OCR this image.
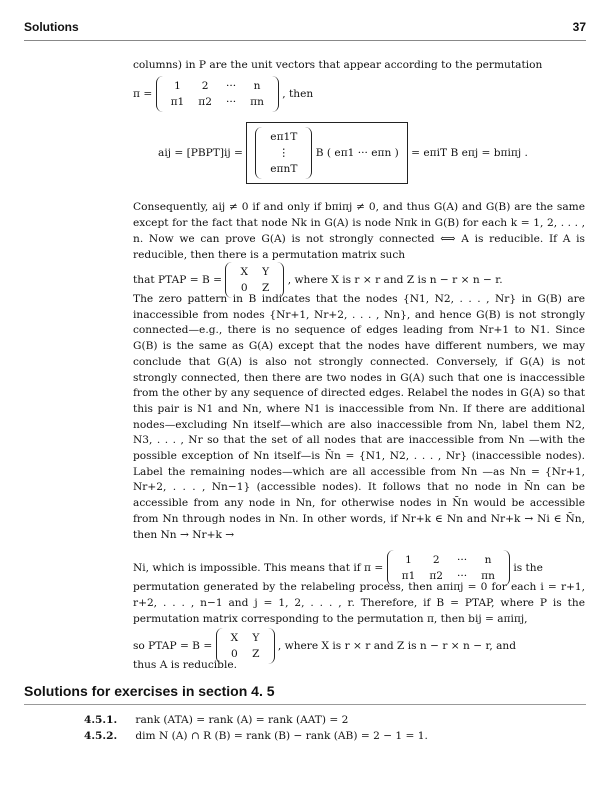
Solutions	37
columns) in P are the unit vectors that appear according to the permutation
π = 1	2	···	n
π1	π2	···	πn , then
aij = [PBPT]ij = eπ1T
⋮
eπnT B ( eπ1 ··· eπn ) = eπiT B eπj = bπiπj .
Consequently, aij ≠ 0 if and only if bπiπj ≠ 0, and thus G(A) and G(B) are the same except for the fact that node Nk in G(A) is node Nπk in G(B) for each k = 1, 2, . . . , n. Now we can prove G(A) is not strongly connected ⟺ A is reducible. If A is reducible, then there is a permutation matrix such
that PTAP = B = X	Y
0	Z , where X is r × r and Z is n − r × n − r.
The zero pattern in B indicates that the nodes {N1, N2, . . . , Nr} in G(B) are inaccessible from nodes {Nr+1, Nr+2, . . . , Nn}, and hence G(B) is not strongly connected—e.g., there is no sequence of edges leading from Nr+1 to N1. Since G(B) is the same as G(A) except that the nodes have different numbers, we may conclude that G(A) is also not strongly connected. Conversely, if G(A) is not strongly connected, then there are two nodes in G(A) such that one is inaccessible from the other by any sequence of directed edges. Relabel the nodes in G(A) so that this pair is N1 and Nn, where N1 is inaccessible from Nn. If there are additional nodes—excluding Nn itself—which are also inaccessible from Nn, label them N2, N3, . . . , Nr so that the set of all nodes that are inaccessible from Nn —with the possible exception of Nn itself—is N̄n = {N1, N2, . . . , Nr} (inaccessible nodes). Label the remaining nodes—which are all accessible from Nn —as Nn = {Nr+1, Nr+2, . . . , Nn−1} (accessible nodes). It follows that no node in N̄n can be accessible from any node in Nn, for otherwise nodes in N̄n would be accessible from Nn through nodes in Nn. In other words, if Nr+k ∈ Nn and Nr+k → Ni ∈ N̄n, then Nn → Nr+k →
Ni, which is impossible. This means that if π = 1	2	···	n
π1	π2	···	πn is the
permutation generated by the relabeling process, then aπiπj = 0 for each i = r+1, r+2, . . . , n−1 and j = 1, 2, . . . , r. Therefore, if B = PTAP, where P is the permutation matrix corresponding to the permutation π, then bij = aπiπj,
so PTAP = B = X	Y
0	Z , where X is r × r and Z is n − r × n − r, and
thus A is reducible.
Solutions for exercises in section 4. 5
4.5.1. rank (ATA) = rank (A) = rank (AAT) = 2
4.5.2. dim N (A) ∩ R (B) = rank (B) − rank (AB) = 2 − 1 = 1.
